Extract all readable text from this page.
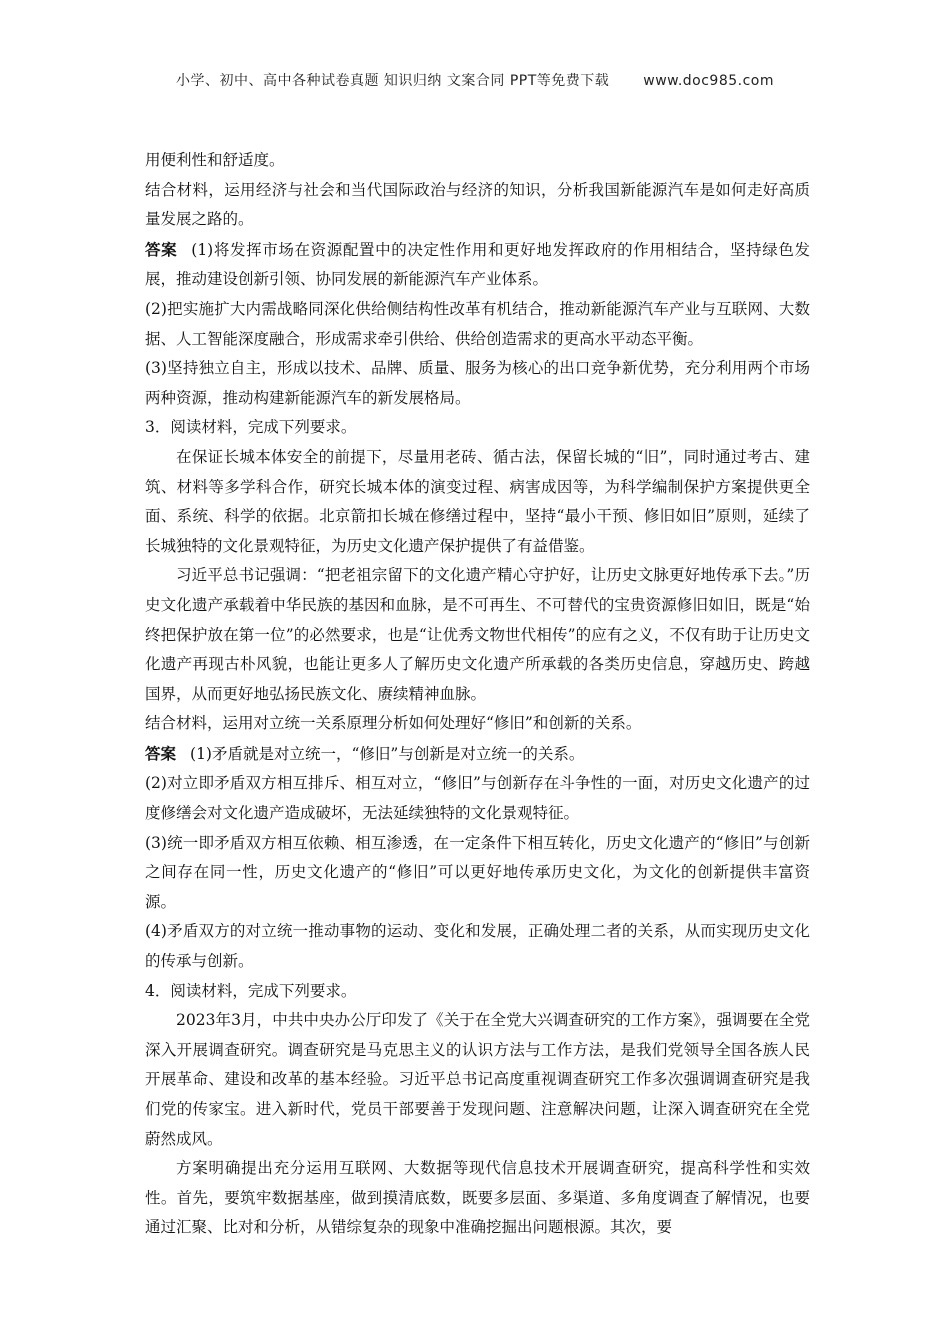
小学、初中、高中各种试卷真题 知识归纳 文案合同 PPT等免费下载 www.doc985.com

用便利性和舒适度。

结合材料，运用经济与社会和当代国际政治与经济的知识，分析我国新能源汽车是如何走好高质量发展之路的。

答案 (1)将发挥市场在资源配置中的决定性作用和更好地发挥政府的作用相结合，坚持绿色发展，推动建设创新引领、协同发展的新能源汽车产业体系。

(2)把实施扩大内需战略同深化供给侧结构性改革有机结合，推动新能源汽车产业与互联网、大数据、人工智能深度融合，形成需求牵引供给、供给创造需求的更高水平动态平衡。

(3)坚持独立自主，形成以技术、品牌、质量、服务为核心的出口竞争新优势，充分利用两个市场两种资源，推动构建新能源汽车的新发展格局。

3．阅读材料，完成下列要求。

在保证长城本体安全的前提下，尽量用老砖、循古法，保留长城的“旧”，同时通过考古、建筑、材料等多学科合作，研究长城本体的演变过程、病害成因等，为科学编制保护方案提供更全面、系统、科学的依据。北京箭扣长城在修缮过程中，坚持“最小干预、修旧如旧”原则，延续了长城独特的文化景观特征，为历史文化遗产保护提供了有益借鉴。

习近平总书记强调：“把老祖宗留下的文化遗产精心守护好，让历史文脉更好地传承下去。”历史文化遗产承载着中华民族的基因和血脉，是不可再生、不可替代的宝贵资源修旧如旧，既是“始终把保护放在第一位”的必然要求，也是“让优秀文物世代相传”的应有之义，不仅有助于让历史文化遗产再现古朴风貌，也能让更多人了解历史文化遗产所承载的各类历史信息，穿越历史、跨越国界，从而更好地弘扬民族文化、赓续精神血脉。

结合材料，运用对立统一关系原理分析如何处理好“修旧”和创新的关系。

答案 (1)矛盾就是对立统一，“修旧”与创新是对立统一的关系。

(2)对立即矛盾双方相互排斥、相互对立，“修旧”与创新存在斗争性的一面，对历史文化遗产的过度修缮会对文化遗产造成破坏，无法延续独特的文化景观特征。

(3)统一即矛盾双方相互依赖、相互渗透，在一定条件下相互转化，历史文化遗产的“修旧”与创新之间存在同一性，历史文化遗产的“修旧”可以更好地传承历史文化，为文化的创新提供丰富资源。

(4)矛盾双方的对立统一推动事物的运动、变化和发展，正确处理二者的关系，从而实现历史文化的传承与创新。

4．阅读材料，完成下列要求。

2023年3月，中共中央办公厅印发了《关于在全党大兴调查研究的工作方案》，强调要在全党深入开展调查研究。调查研究是马克思主义的认识方法与工作方法，是我们党领导全国各族人民开展革命、建设和改革的基本经验。习近平总书记高度重视调查研究工作多次强调调查研究是我们党的传家宝。进入新时代，党员干部要善于发现问题、注意解决问题，让深入调查研究在全党蔚然成风。

方案明确提出充分运用互联网、大数据等现代信息技术开展调查研究，提高科学性和实效性。首先，要筑牢数据基座，做到摸清底数，既要多层面、多渠道、多角度调查了解情况，也要通过汇聚、比对和分析，从错综复杂的现象中准确挖掘出问题根源。其次，要
